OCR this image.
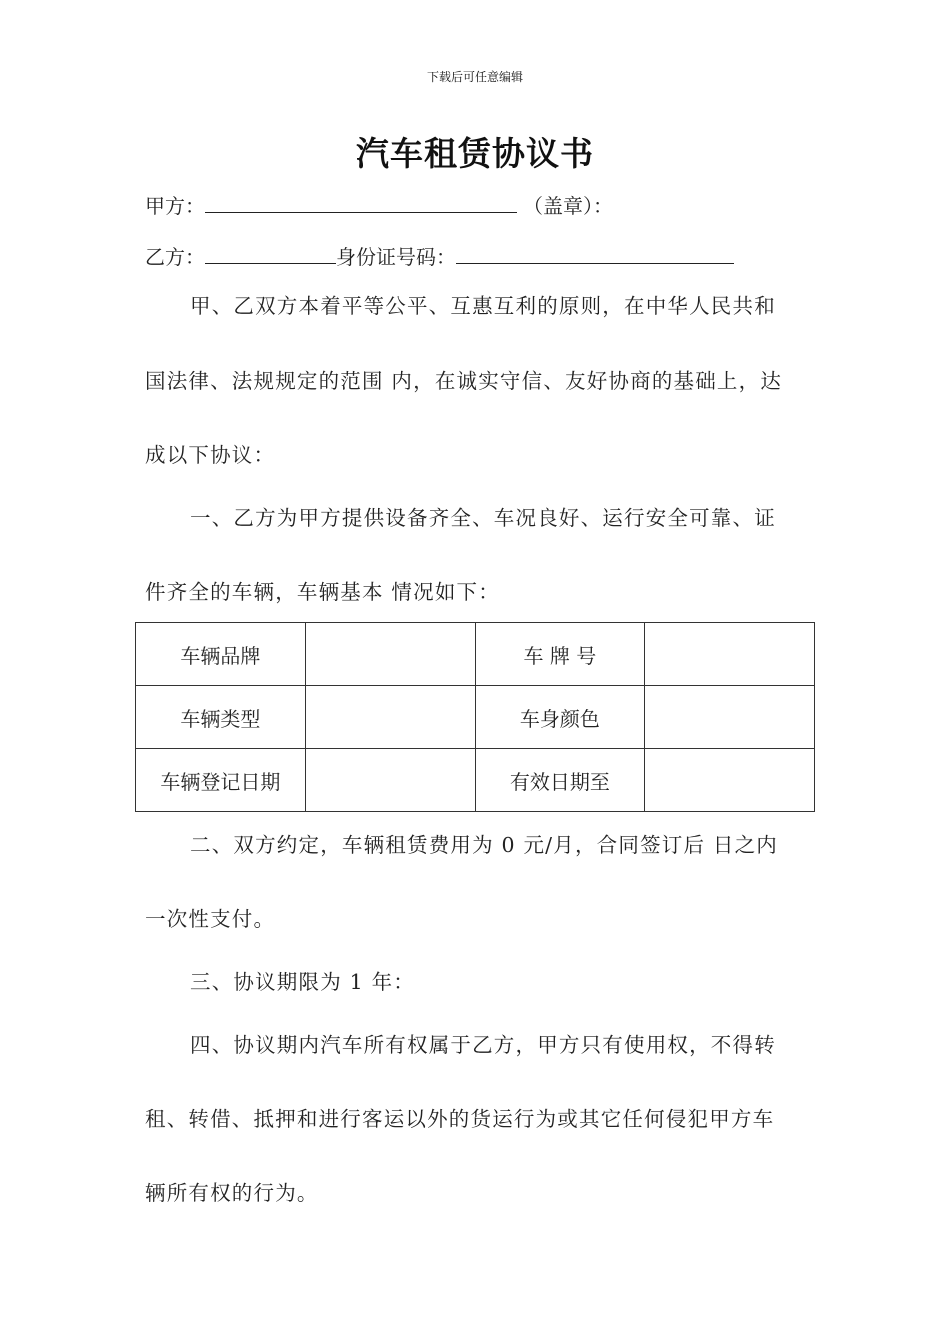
下载后可任意编辑
汽车租赁协议书
甲方：	（盖章）：
乙方：	身份证号码：
甲、乙双方本着平等公平、互惠互利的原则，在中华人民共和
国法律、法规规定的范围 内，在诚实守信、友好协商的基础上，达
成以下协议：
一、乙方为甲方提供设备齐全、车况良好、运行安全可靠、证
件齐全的车辆，车辆基本 情况如下：
车辆品牌		车 牌 号	
车辆类型		车身颜色	
车辆登记日期		有效日期至	
二、双方约定，车辆租赁费用为 0 元/月，合同签订后 日之内
一次性支付。
三、协议期限为 1 年：
四、协议期内汽车所有权属于乙方，甲方只有使用权，不得转
租、转借、抵押和进行客运以外的货运行为或其它任何侵犯甲方车
辆所有权的行为。
